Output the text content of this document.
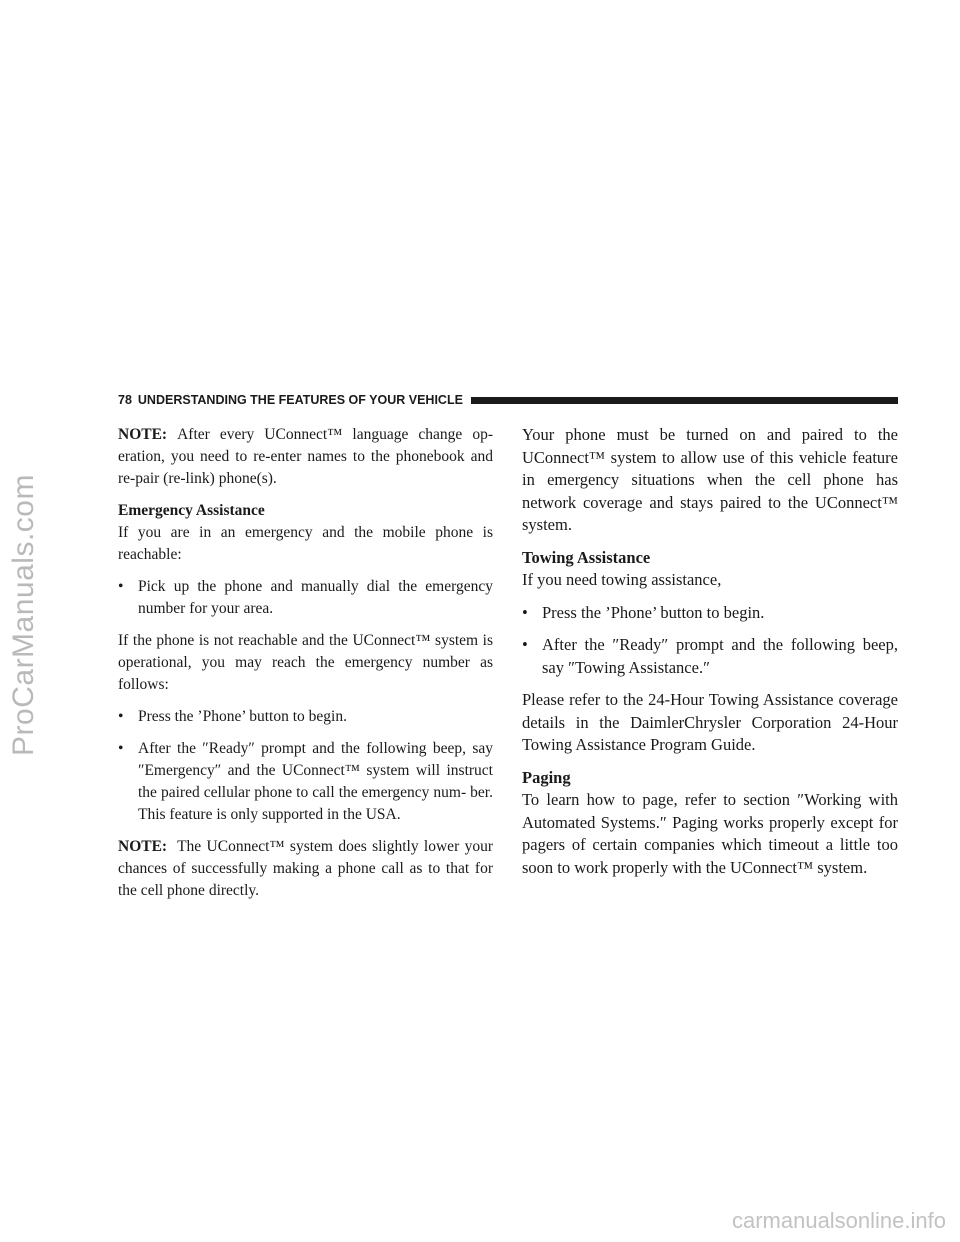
ProCarManuals.com
78 UNDERSTANDING THE FEATURES OF YOUR VEHICLE

NOTE: After every UConnect™ language change op- eration, you need to re-enter names to the phonebook and re-pair (re-link) phone(s).

Emergency Assistance

If you are in an emergency and the mobile phone is reachable:

• Pick up the phone and manually dial the emergency number for your area.

If the phone is not reachable and the UConnect™ system is operational, you may reach the emergency number as follows:

• Press the ’Phone’ button to begin.
• After the ″Ready″ prompt and the following beep, say ″Emergency″ and the UConnect™ system will instruct the paired cellular phone to call the emergency num- ber. This feature is only supported in the USA.

NOTE: The UConnect™ system does slightly lower your chances of successfully making a phone call as to that for the cell phone directly.

Your phone must be turned on and paired to the UConnect™ system to allow use of this vehicle feature in emergency situations when the cell phone has network coverage and stays paired to the UConnect™ system.

Towing Assistance

If you need towing assistance,

• Press the ’Phone’ button to begin.
• After the ″Ready″ prompt and the following beep, say ″Towing Assistance.″

Please refer to the 24-Hour Towing Assistance coverage details in the DaimlerChrysler Corporation 24-Hour Towing Assistance Program Guide.

Paging

To learn how to page, refer to section ″Working with Automated Systems.″ Paging works properly except for pagers of certain companies which timeout a little too soon to work properly with the UConnect™ system.

carmanualsonline.info
